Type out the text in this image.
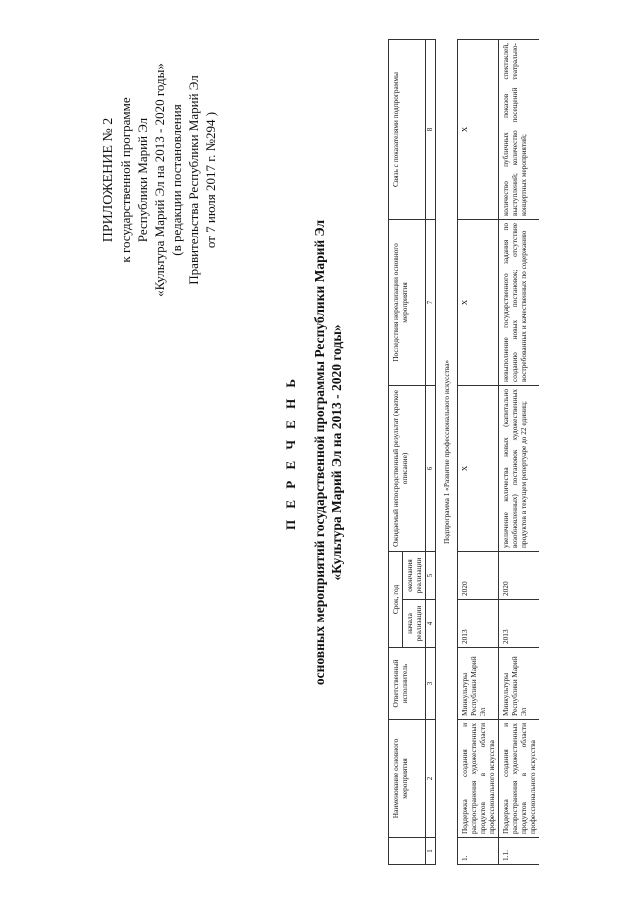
ПРИЛОЖЕНИЕ № 2 к государственной программе Республики Марий Эл «Культура Марий Эл на 2013 - 2020 годы» (в редакции постановления Правительства Республики Марий Эл от 7 июля 2017 г. №294 )
П Е Р Е Ч Е Н Ь основных мероприятий государственной программы Республики Марий Эл «Культура Марий Эл на 2013 - 2020 годы»
	Наименование основного мероприятия	Ответственный исполнитель	Срок, год		Ожидаемый непосредственный результат (краткое описание)	Последствия нереализации основного мероприятия	Связь с показателями подпрограммы
			начала реализации	окончания реализации			
1	2	3	4	5	6	7	8
Подпрограмма 1 «Развитие профессионального искусства»							
1.	Поддержка создания и распространения художественных продуктов в области профессионального искусства	Минкультуры Республики Марий Эл	2013	2020	Х	Х	Х
1.1.	Поддержка создания и распространения художественных продуктов в области профессионального искусства	Минкультуры Республики Марий Эл	2013	2020	увеличение количества новых (капитально возобновленных) постановок художественных продуктов в текущем репертуаре до 22 единиц;	невыполнение государственного задания по созданию новых постановок; отсутствие востребованных и качественных по содержанию	количество публичных показов спектаклей, выступлений; количество посещений театрально-концертных мероприятий;
